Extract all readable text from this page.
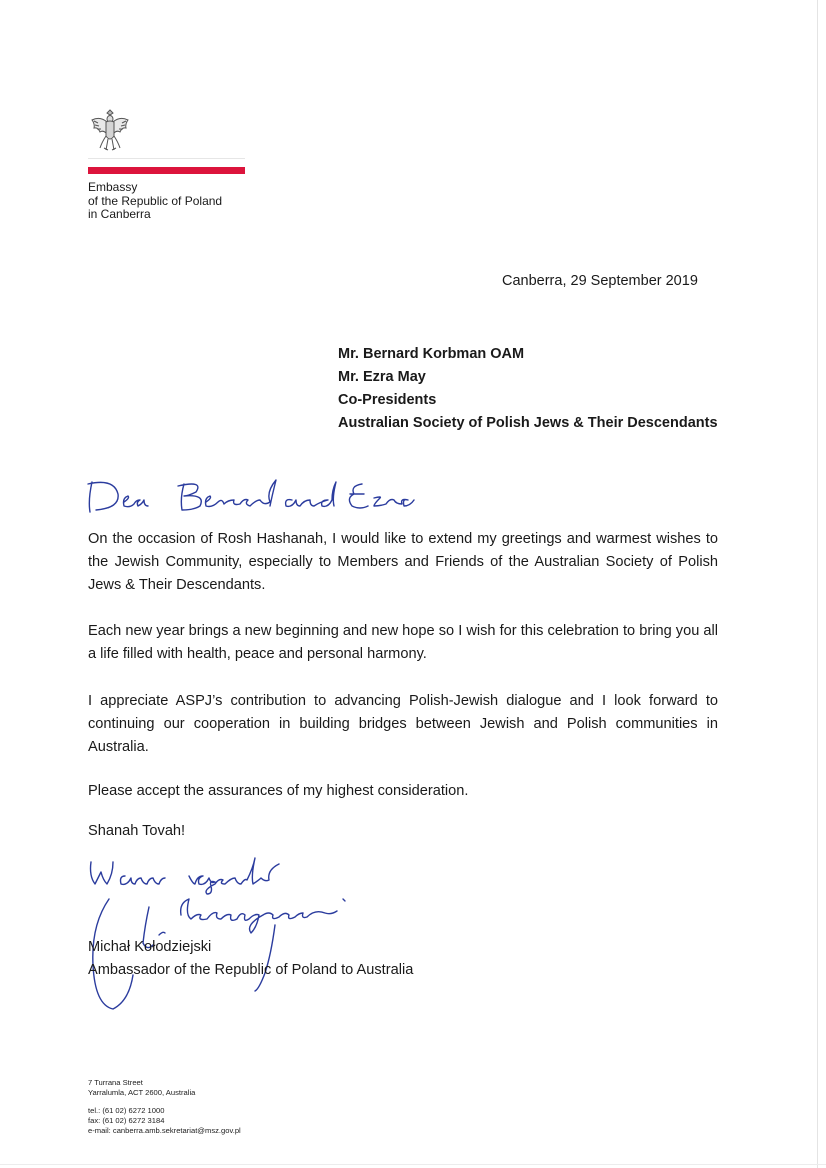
Embassy
of the Republic of Poland
in Canberra
Canberra, 29 September 2019
Mr. Bernard Korbman OAM
Mr. Ezra May
Co-Presidents
Australian Society of Polish Jews & Their Descendants
On the occasion of Rosh Hashanah, I would like to extend my greetings and warmest wishes to the Jewish Community, especially to Members and Friends of the Australian Society of Polish Jews & Their Descendants.
Each new year brings a new beginning and new hope so I wish for this celebration to bring you all a life filled with health, peace and personal harmony.
I appreciate ASPJ’s contribution to advancing Polish-Jewish dialogue and I look forward to continuing our cooperation in building bridges between Jewish and Polish communities in Australia.
Please accept the assurances of my highest consideration.
Shanah Tovah!
Michał Kołodziejski
Ambassador of the Republic of Poland to Australia
7 Turrana Street
Yarralumla, ACT 2600, Australia
tel.: (61 02) 6272 1000
fax: (61 02) 6272 3184
e-mail: canberra.amb.sekretariat@msz.gov.pl
